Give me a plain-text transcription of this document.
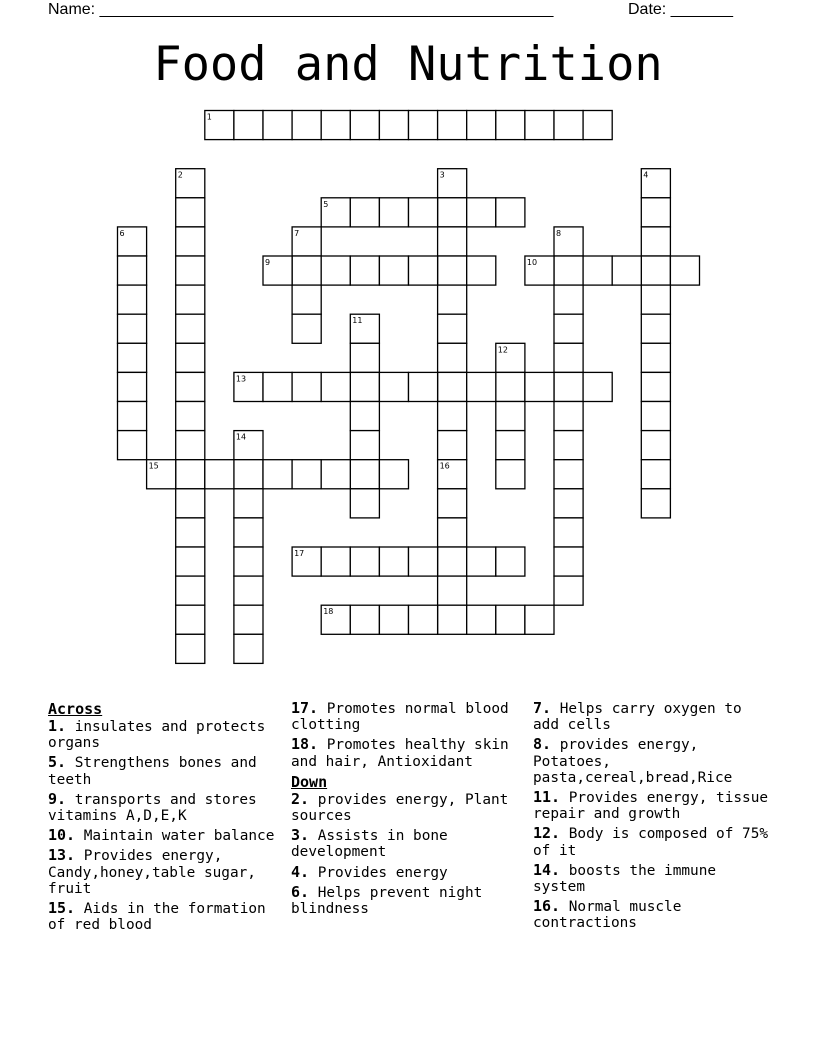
Name: ___________________________________________________	Date: _______
Food and Nutrition
1
2	3	4
5
6	7	8
9	10
11
12
13
14
15	16
17
18
Across
1. insulates and protects organs
5. Strengthens bones and teeth
9. transports and stores vitamins A,D,E,K
10. Maintain water balance
13. Provides energy, Candy,honey,table sugar, fruit
15. Aids in the formation of red blood
17. Promotes normal blood clotting
18. Promotes healthy skin and hair, Antioxidant
Down
2. provides energy, Plant sources
3. Assists in bone development
4. Provides energy
6. Helps prevent night blindness
7. Helps carry oxygen to add cells
8. provides energy, Potatoes, pasta,cereal,bread,Rice
11. Provides energy, tissue repair and growth
12. Body is composed of 75% of it
14. boosts the immune system
16. Normal muscle contractions
